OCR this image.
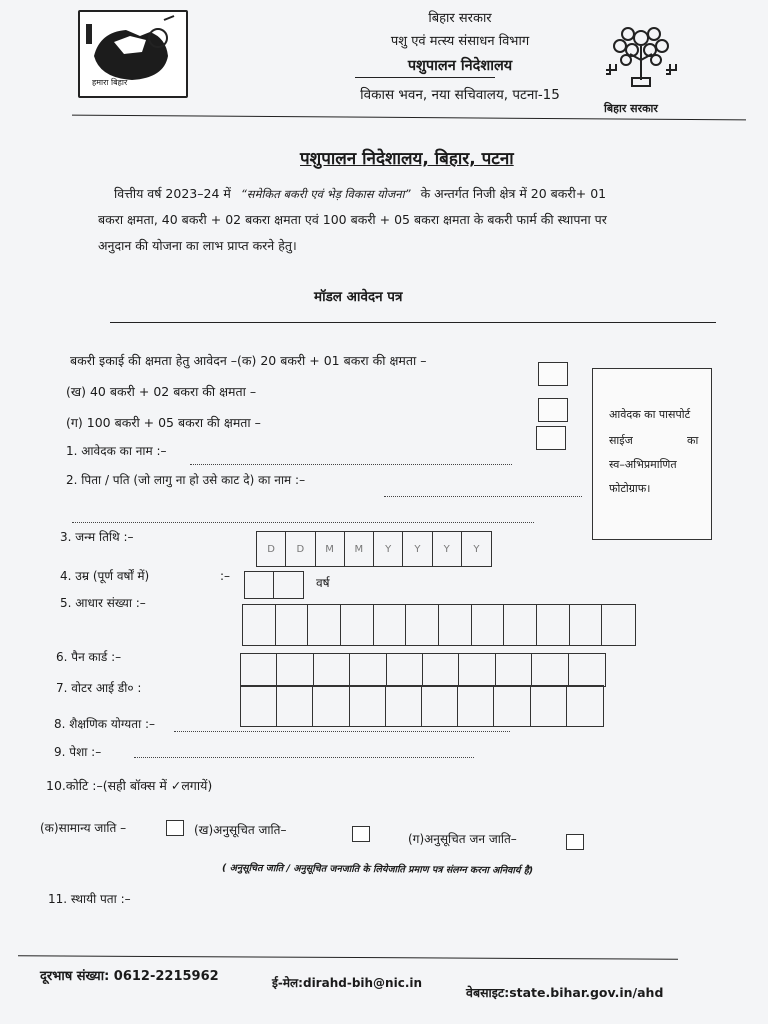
हमारा बिहार
बिहार सरकार
बिहार सरकार
पशु एवं मत्स्य संसाधन विभाग
पशुपालन निदेशालय
विकास भवन, नया सचिवालय, पटना-15
पशुपालन निदेशालय, बिहार, पटना
वित्तीय वर्ष 2023–24 में “समेकित बकरी एवं भेड़ विकास योजना” के अन्तर्गत निजी क्षेत्र में 20 बकरी+ 01
बकरा क्षमता, 40 बकरी + 02 बकरा क्षमता एवं 100 बकरी + 05 बकरा क्षमता के बकरी फार्म की स्थापना पर
अनुदान की योजना का लाभ प्राप्त करने हेतु।
मॉडल आवेदन पत्र
बकरी इकाई की क्षमता हेतु आवेदन –(क) 20 बकरी + 01 बकरा की क्षमता –
(ख) 40 बकरी + 02 बकरा की क्षमता –
(ग) 100 बकरी + 05 बकरा की क्षमता –
आवेदक का पासपोर्ट
साईज	का
स्व–अभिप्रमाणित
फोटोग्राफ।
1. आवेदक का नाम :–
2. पिता / पति (जो लागु ना हो उसे काट दे) का नाम :–
3. जन्म तिथि :–
D	D	M	M	Y	Y	Y	Y
4. उम्र (पूर्ण वर्षों में)	:–	वर्ष
5. आधार संख्या :–
6. पैन कार्ड :–
7. वोटर आई डी० :
8. शैक्षणिक योग्यता :–
9. पेशा :–
10.कोटि :–(सही बॉक्स में ✓लगायें)
(क)सामान्य जाति –	(ख)अनुसूचित जाति–
(ग)अनुसूचित जन जाति–
( अनुसूचित जाति / अनुसूचित जनजाति के लियेजाति प्रमाण पत्र संलग्न करना अनिवार्य है)
11. स्थायी पता :–
दूरभाष संख्या: 0612-2215962	ई-मेल:dirahd-bih@nic.in
वेबसाइट:state.bihar.gov.in/ahd
